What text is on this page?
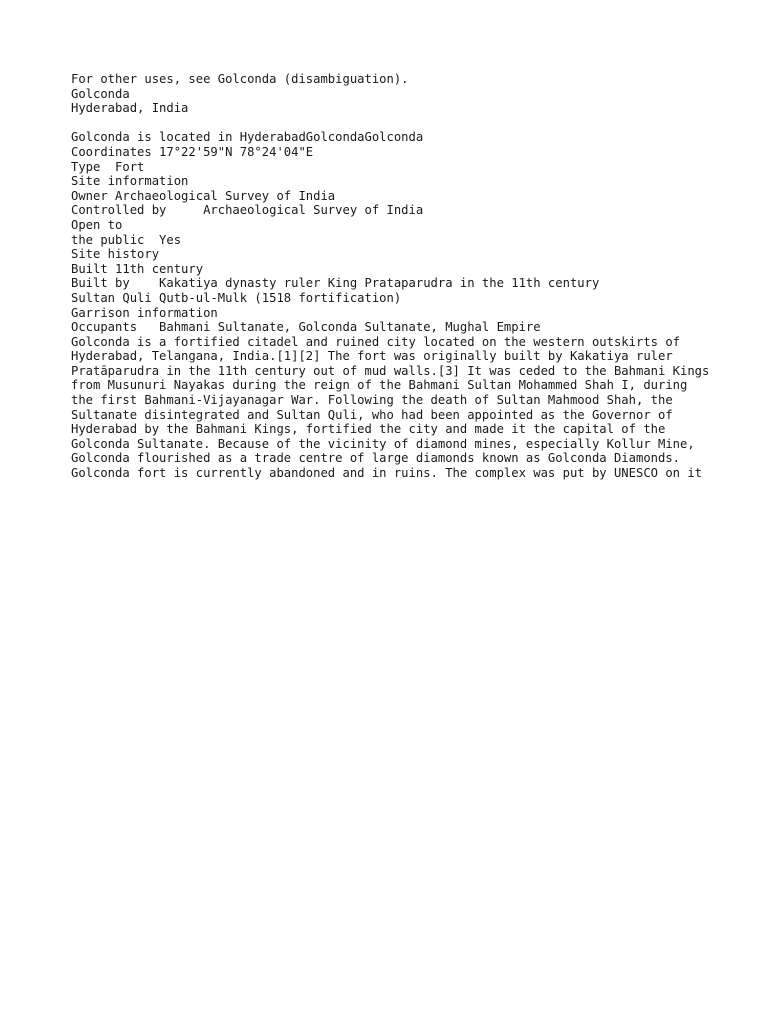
For other uses, see Golconda (disambiguation).
Golconda
Hyderabad, India
Golconda is located in HyderabadGolcondaGolconda
Coordinates 17°22'59"N 78°24'04"E
Type  Fort
Site information
Owner Archaeological Survey of India
Controlled by     Archaeological Survey of India
Open to
the public  Yes
Site history
Built 11th century
Built by    Kakatiya dynasty ruler King Prataparudra in the 11th century
Sultan Quli Qutb-ul-Mulk (1518 fortification)
Garrison information
Occupants   Bahmani Sultanate, Golconda Sultanate, Mughal Empire
Golconda is a fortified citadel and ruined city located on the western outskirts of Hyderabad, Telangana, India.[1][2] The fort was originally built by Kakatiya ruler Pratāparudra in the 11th century out of mud walls.[3] It was ceded to the Bahmani Kings from Musunuri Nayakas during the reign of the Bahmani Sultan Mohammed Shah I, during the first Bahmani-Vijayanagar War. Following the death of Sultan Mahmood Shah, the Sultanate disintegrated and Sultan Quli, who had been appointed as the Governor of Hyderabad by the Bahmani Kings, fortified the city and made it the capital of the Golconda Sultanate. Because of the vicinity of diamond mines, especially Kollur Mine, Golconda flourished as a trade centre of large diamonds known as Golconda Diamonds. Golconda fort is currently abandoned and in ruins. The complex was put by UNESCO on it
